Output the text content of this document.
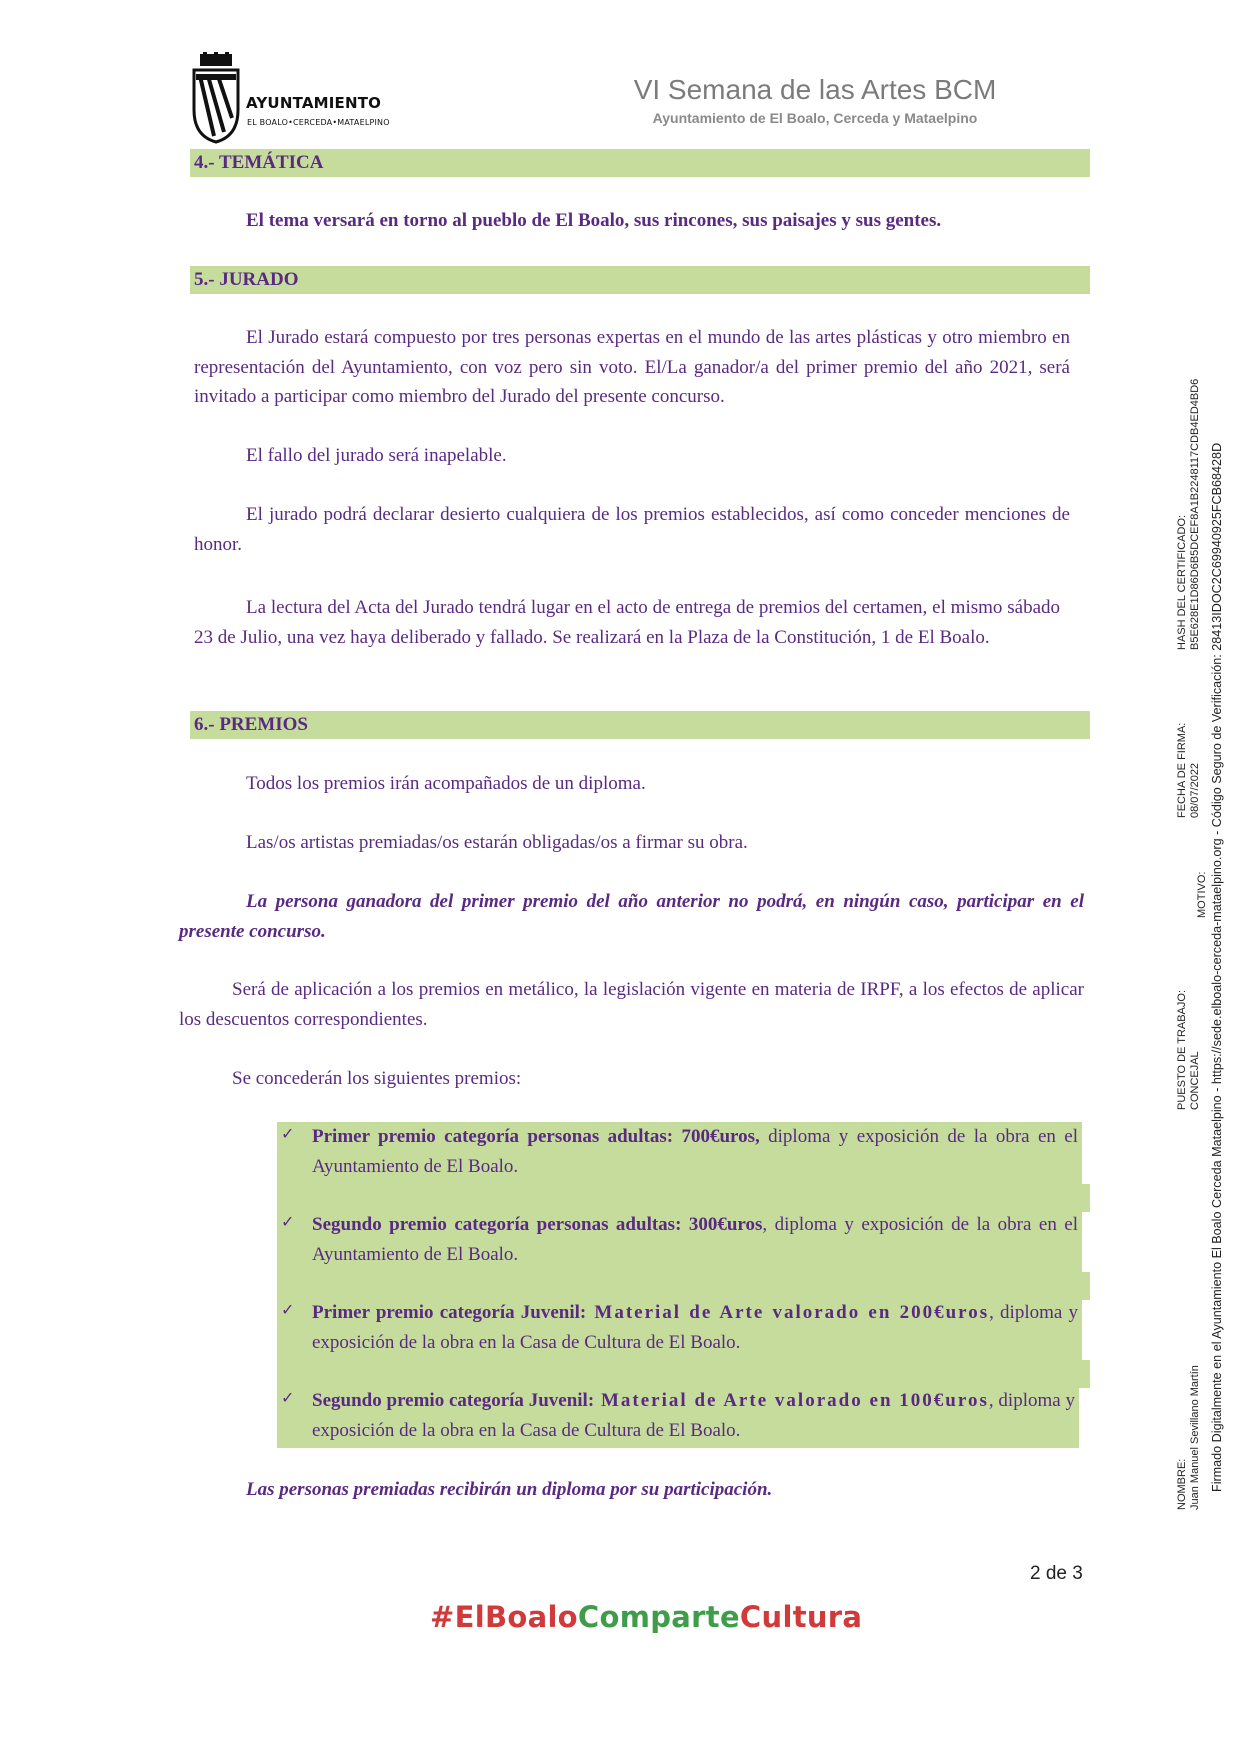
AYUNTAMIENTO
EL BOALO•CERCEDA•MATAELPINO
VI Semana de las Artes BCM
Ayuntamiento de El Boalo, Cerceda y Mataelpino
4.- TEMÁTICA
El tema versará en torno al pueblo de El Boalo, sus rincones, sus paisajes y sus gentes.
5.- JURADO
El Jurado estará compuesto por tres personas expertas en el mundo de las artes plásticas y otro miembro en representación del Ayuntamiento, con voz pero sin voto. El/La ganador/a del primer premio del año 2021, será invitado a participar como miembro del Jurado del presente concurso.
El fallo del jurado será inapelable.
El jurado podrá declarar desierto cualquiera de los premios establecidos, así como conceder menciones de honor.
La lectura del Acta del Jurado tendrá lugar en el acto de entrega de premios del certamen, el mismo sábado 23 de Julio, una vez haya deliberado y fallado. Se realizará en la Plaza de la Constitución, 1 de El Boalo.
6.- PREMIOS
Todos los premios irán acompañados de un diploma.
Las/os artistas premiadas/os estarán obligadas/os a firmar su obra.
La persona ganadora del primer premio del año anterior no podrá, en ningún caso, participar en el presente concurso.
Será de aplicación a los premios en metálico, la legislación vigente en materia de IRPF, a los efectos de aplicar los descuentos correspondientes.
Se concederán los siguientes premios:
✓ Primer premio categoría personas adultas: 700€uros, diploma y exposición de la obra en el Ayuntamiento de El Boalo.
✓ Segundo premio categoría personas adultas: 300€uros, diploma y exposición de la obra en el Ayuntamiento de El Boalo.
✓ Primer premio categoría Juvenil: Material de Arte valorado en 200€uros, diploma y exposición de la obra en la Casa de Cultura de El Boalo.
✓ Segundo premio categoría Juvenil: Material de Arte valorado en 100€uros, diploma y exposición de la obra en la Casa de Cultura de El Boalo.
Las personas premiadas recibirán un diploma por su participación.
2 de 3
#ElBoaloComparteCultura
NOMBRE: Juan Manuel Sevillano Martín
PUESTO DE TRABAJO: CONCEJAL
MOTIVO:
FECHA DE FIRMA: 08/07/2022
HASH DEL CERTIFICADO: B5E628E1D86D6B5DCEF8A1B2248117CDB4ED4BD6 Firmado Digitalmente en el Ayuntamiento El Boalo Cerceda Mataelpino - https://sede.elboalo-cerceda-mataelpino.org - Código Seguro de Verificación: 28413IDOC2C69940925FCB68428D
